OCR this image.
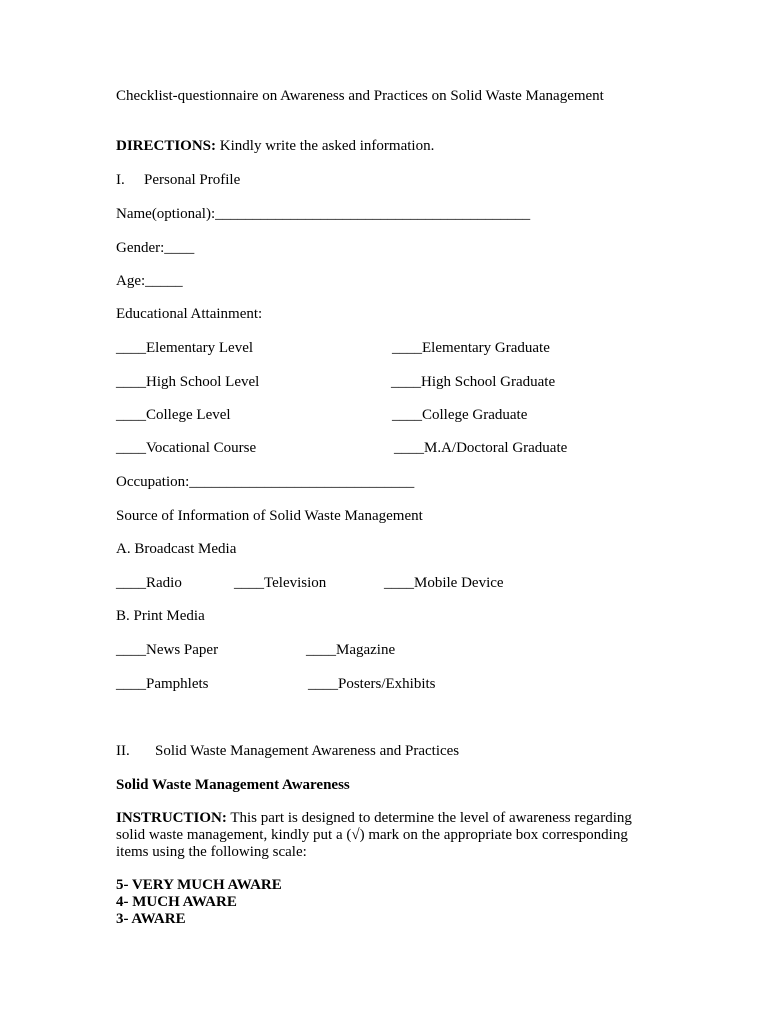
Checklist-questionnaire on Awareness and Practices on Solid Waste Management
DIRECTIONS: Kindly write the asked information.
I. Personal Profile
Name(optional):__________________________________________
Gender:____
Age:_____
Educational Attainment:
____Elementary Level	____Elementary Graduate
____High School Level	____High School Graduate
____College Level	____College Graduate
____Vocational Course	____M.A/Doctoral Graduate
Occupation:______________________________
Source of Information of Solid Waste Management
A. Broadcast Media
____Radio	____Television	____Mobile Device
B. Print Media
____News Paper	____Magazine
____Pamphlets	____Posters/Exhibits
II. Solid Waste Management Awareness and Practices
Solid Waste Management Awareness
INSTRUCTION: This part is designed to determine the level of awareness regarding solid waste management, kindly put a (√) mark on the appropriate box corresponding items using the following scale:
5- VERY MUCH AWARE
4- MUCH AWARE
3- AWARE
